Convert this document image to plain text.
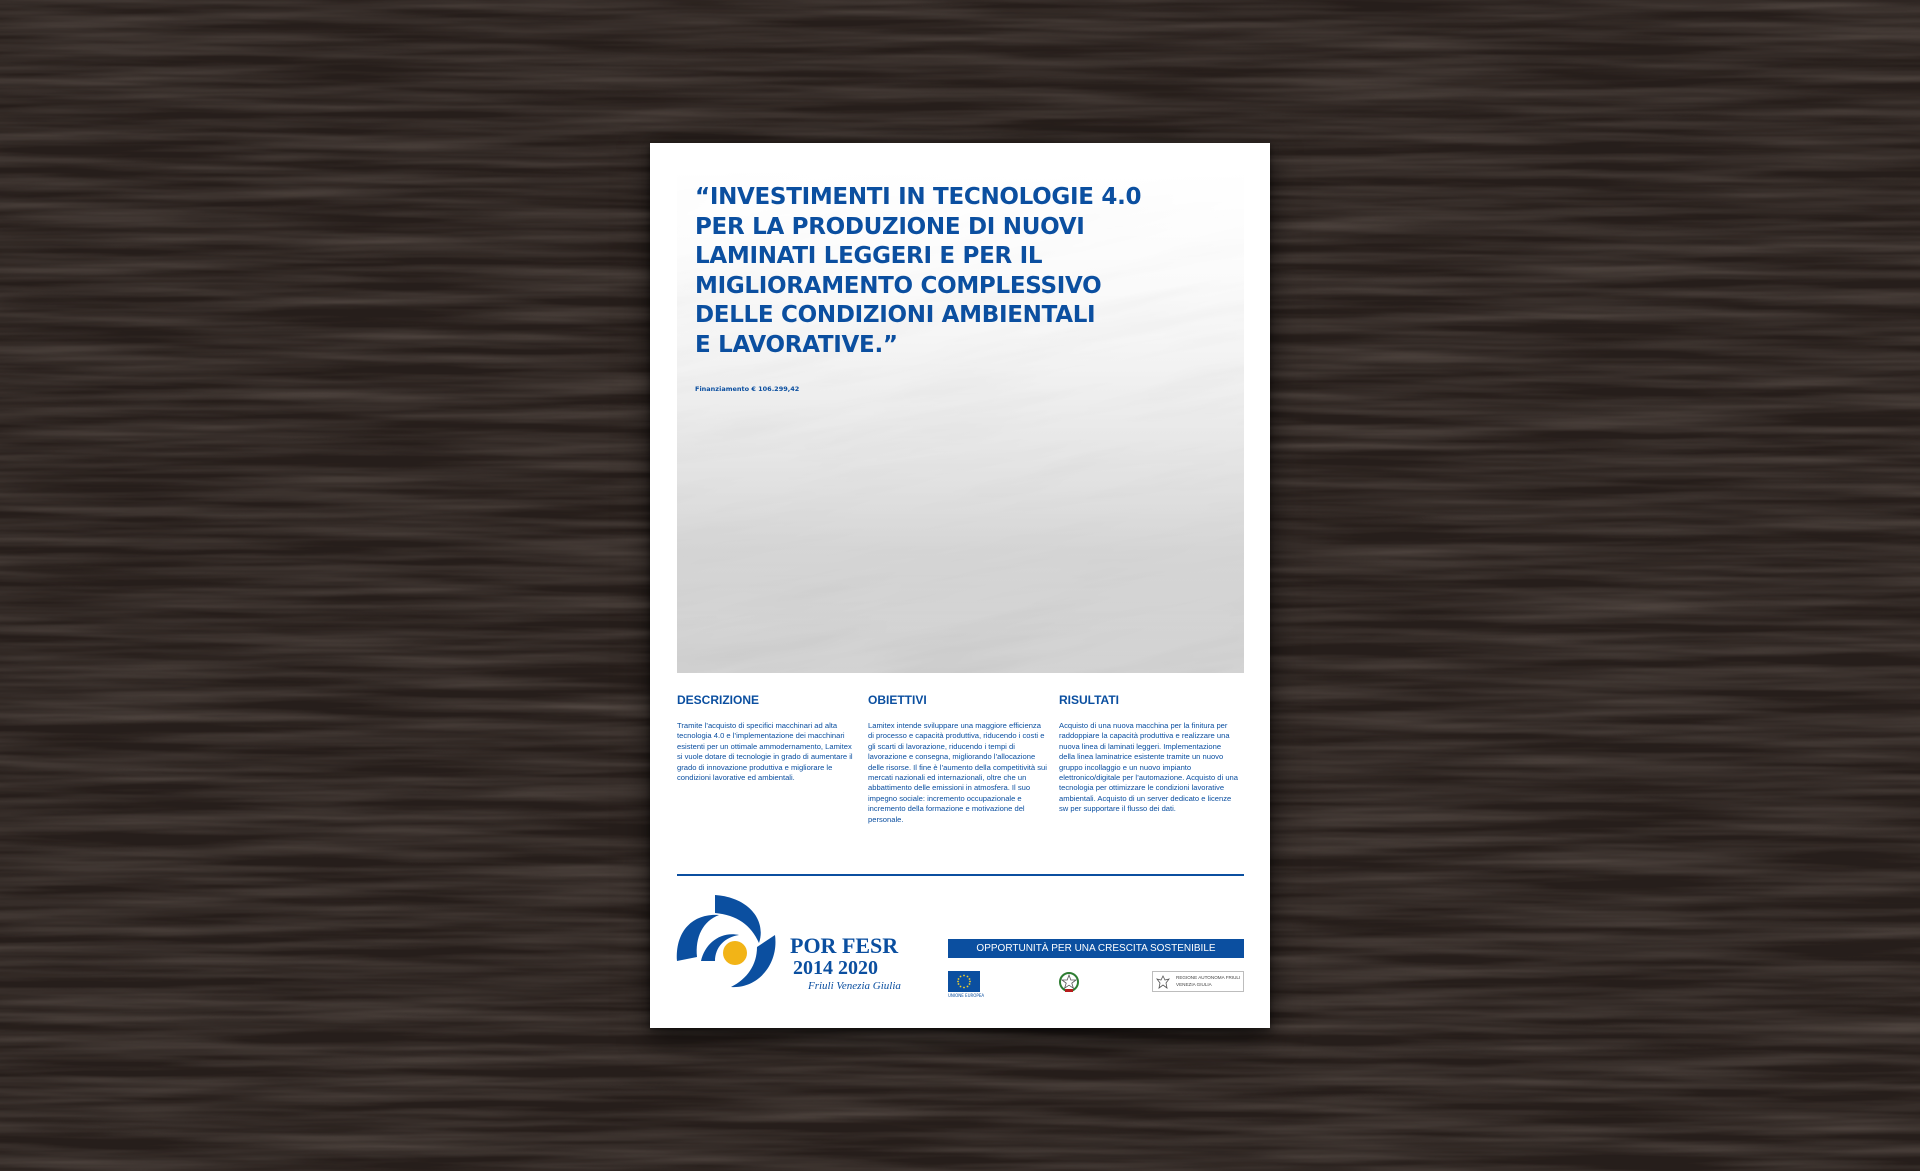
“INVESTIMENTI IN TECNOLOGIE 4.0
PER LA PRODUZIONE DI NUOVI
LAMINATI LEGGERI E PER IL
MIGLIORAMENTO COMPLESSIVO
DELLE CONDIZIONI AMBIENTALI
E LAVORATIVE.”

Finanziamento € 106.299,42

DESCRIZIONE

Tramite l’acquisto di specifici macchinari ad alta tecnologia 4.0 e l’implementazione dei macchinari esistenti per un ottimale ammodernamento, Lamitex si vuole dotare di tecnologie in grado di aumentare il grado di innovazione produttiva e migliorare le condizioni lavorative ed ambientali.

OBIETTIVI

Lamitex intende sviluppare una maggiore efficienza di processo e capacità produttiva, riducendo i costi e gli scarti di lavorazione, riducendo i tempi di lavorazione e consegna, migliorando l’allocazione delle risorse. Il fine è l’aumento della competitività sui mercati nazionali ed internazionali, oltre che un abbattimento delle emissioni in atmosfera. Il suo impegno sociale: incremento occupazionale e incremento della formazione e motivazione del personale.

RISULTATI

Acquisto di una nuova macchina per la finitura per raddoppiare la capacità produttiva e realizzare una nuova linea di laminati leggeri. Implementazione della linea laminatrice esistente tramite un nuovo gruppo incollaggio e un nuovo impianto elettronico/digitale per l’automazione. Acquisto di una tecnologia per ottimizzare le condizioni lavorative ambientali. Acquisto di un server dedicato e licenze sw per supportare il flusso dei dati.

POR FESR

2014 2020

Friuli Venezia Giulia

OPPORTUNITÀ PER UNA CRESCITA SOSTENIBILE
UNIONE EUROPEA
REGIONE AUTONOMA FRIULI VENEZIA GIULIA
